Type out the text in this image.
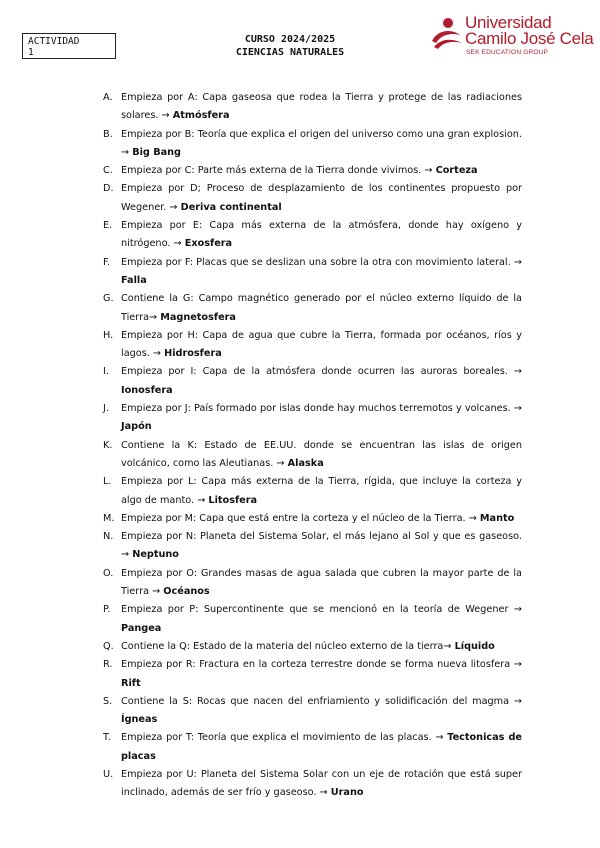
ACTIVIDAD
1
CURSO 2024/2025
CIENCIAS NATURALES
Universidad
Camilo José Cela
SEK EDUCATION GROUP
A. Empieza por A: Capa gaseosa que rodea la Tierra y protege de las radiaciones solares. → Atmósfera
B. Empieza por B: Teoría que explica el origen del universo como una gran explosion. → Big Bang
C. Empieza por C: Parte más externa de la Tierra donde vivimos. → Corteza
D. Empieza por D; Proceso de desplazamiento de los continentes propuesto por Wegener. → Deriva continental
E. Empieza por E: Capa más externa de la atmósfera, donde hay oxígeno y nitrógeno. → Exosfera
F. Empieza por F: Placas que se deslizan una sobre la otra con movimiento lateral. → Falla
G. Contiene la G: Campo magnético generado por el núcleo externo líquido de la Tierra→ Magnetosfera
H. Empieza por H: Capa de agua que cubre la Tierra, formada por océanos, ríos y lagos. → Hidrosfera
I. Empieza por I: Capa de la atmósfera donde ocurren las auroras boreales. → Ionosfera
J. Empieza por J: País formado por islas donde hay muchos terremotos y volcanes. → Japón
K. Contiene la K: Estado de EE.UU. donde se encuentran las islas de origen volcánico, como las Aleutianas. → Alaska
L. Empieza por L: Capa más externa de la Tierra, rígida, que incluye la corteza y algo de manto. → Litosfera
M. Empieza por M: Capa que está entre la corteza y el núcleo de la Tierra. → Manto
N. Empieza por N: Planeta del Sistema Solar, el más lejano al Sol y que es gaseoso. → Neptuno
O. Empieza por O: Grandes masas de agua salada que cubren la mayor parte de la Tierra → Océanos
P. Empieza por P: Supercontinente que se mencionó en la teoría de Wegener → Pangea
Q. Contiene la Q: Estado de la materia del núcleo externo de la tierra→ Líquido
R. Empieza por R: Fractura en la corteza terrestre donde se forma nueva litosfera → Rift
S. Contiene la S: Rocas que nacen del enfriamiento y solidificación del magma → Ígneas
T. Empieza por T: Teoría que explica el movimiento de las placas. → Tectonicas de placas
U. Empieza por U: Planeta del Sistema Solar con un eje de rotación que está super inclinado, además de ser frío y gaseoso. → Urano
